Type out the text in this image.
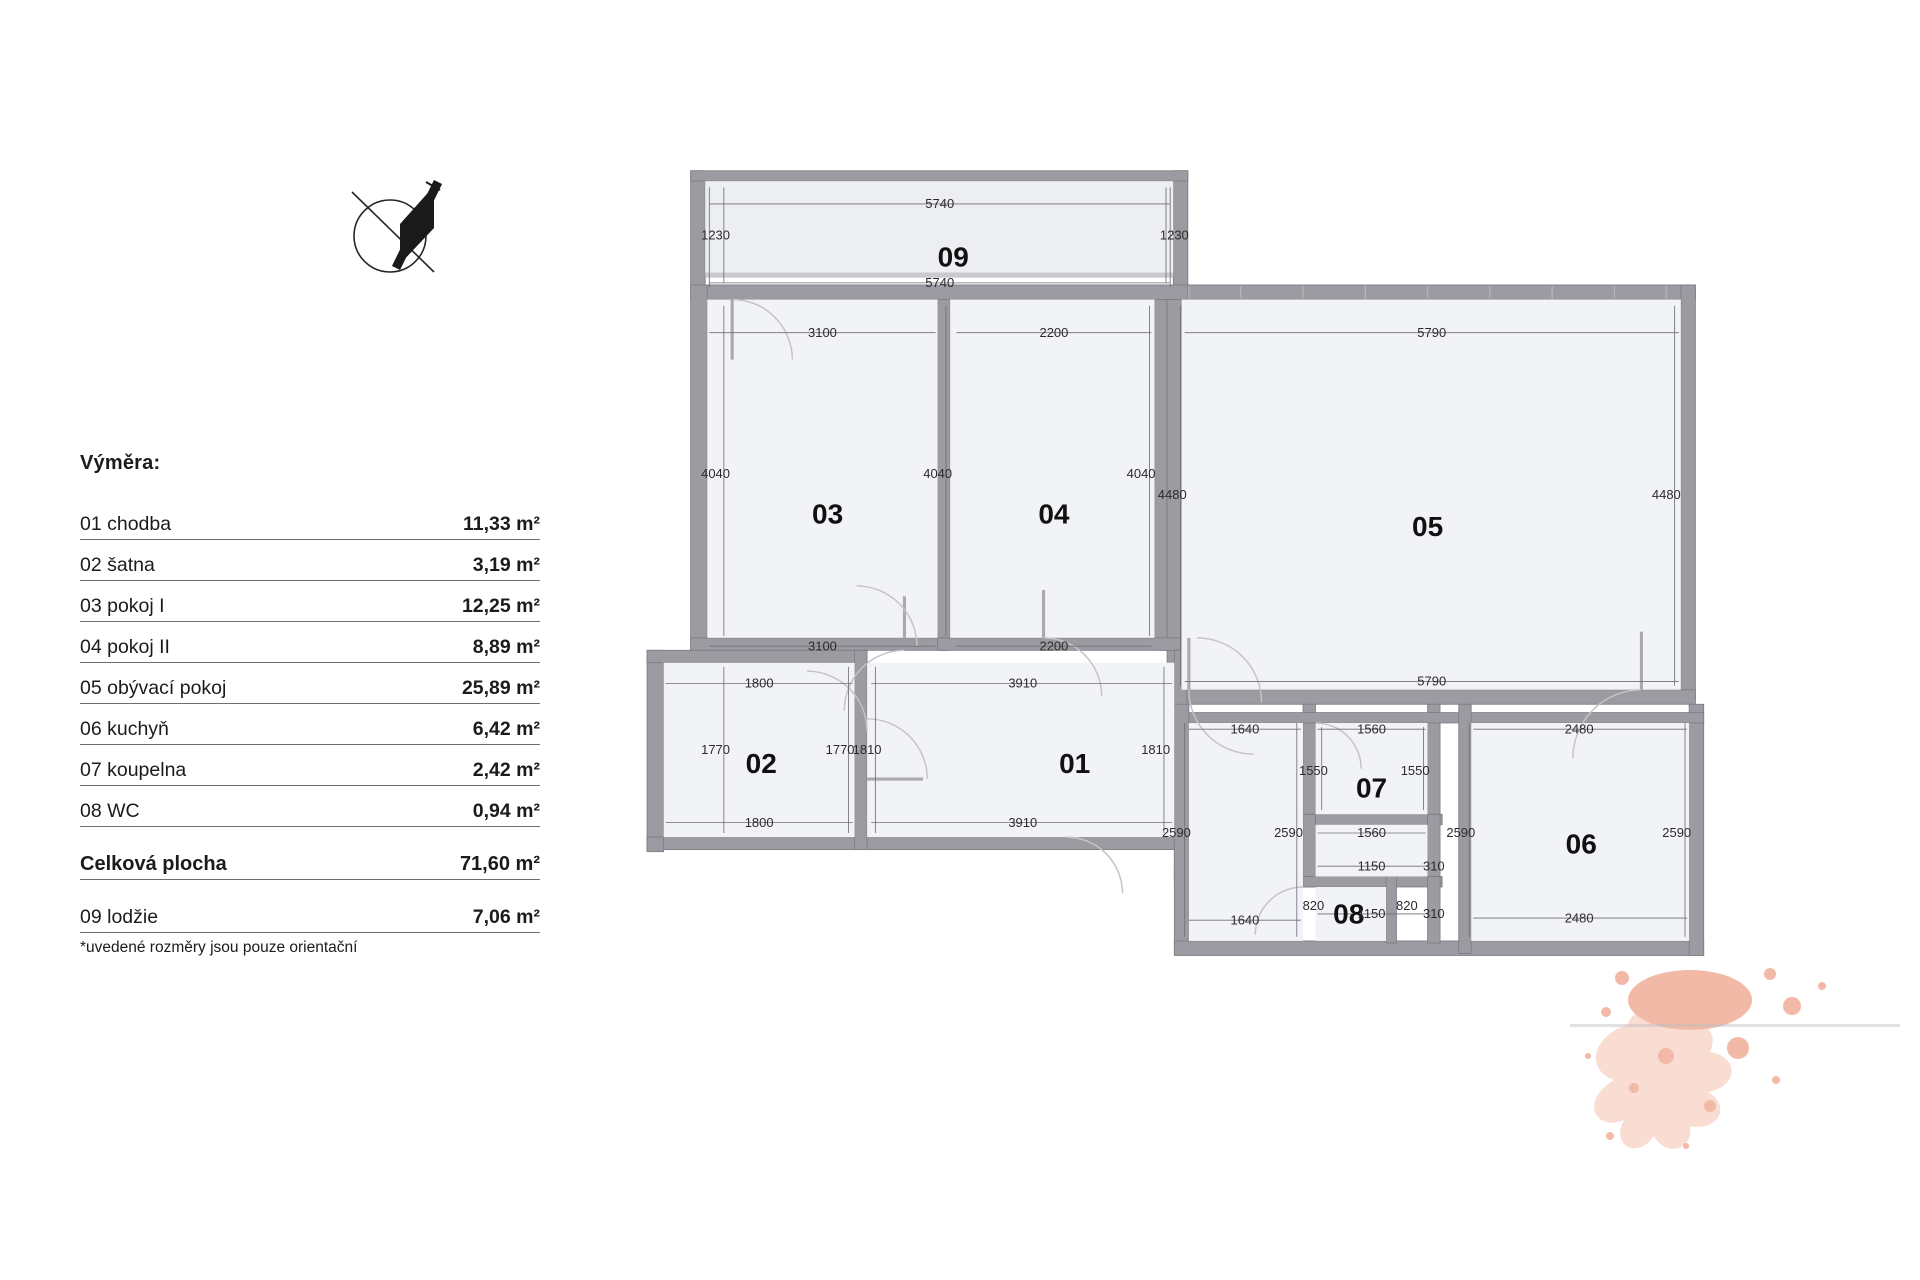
Výměra:
01 chodba	11,33 m²
02 šatna	3,19 m²
03 pokoj I	12,25 m²
04 pokoj II	8,89 m²
05 obývací pokoj	25,89 m²
06 kuchyň	6,42 m²
07 koupelna	2,42 m²
08 WC	0,94 m²
Celková plocha	71,60 m²
09 lodžie	7,06 m²
*uvedené rozměry jsou pouze orientační
09
03	04	05
02	01
07
06
08
5740
5740
3100	2200	5790
3100	2200
5790
1800	3910
1800	3910
1640	1560	2480
1560
1640
1150
1150	2480
1230	1230
4040	4040	4040
4480	4480
1770	1770
1810	1810
2590	2590
1550	1550
2590	2590
820	820
310
310
